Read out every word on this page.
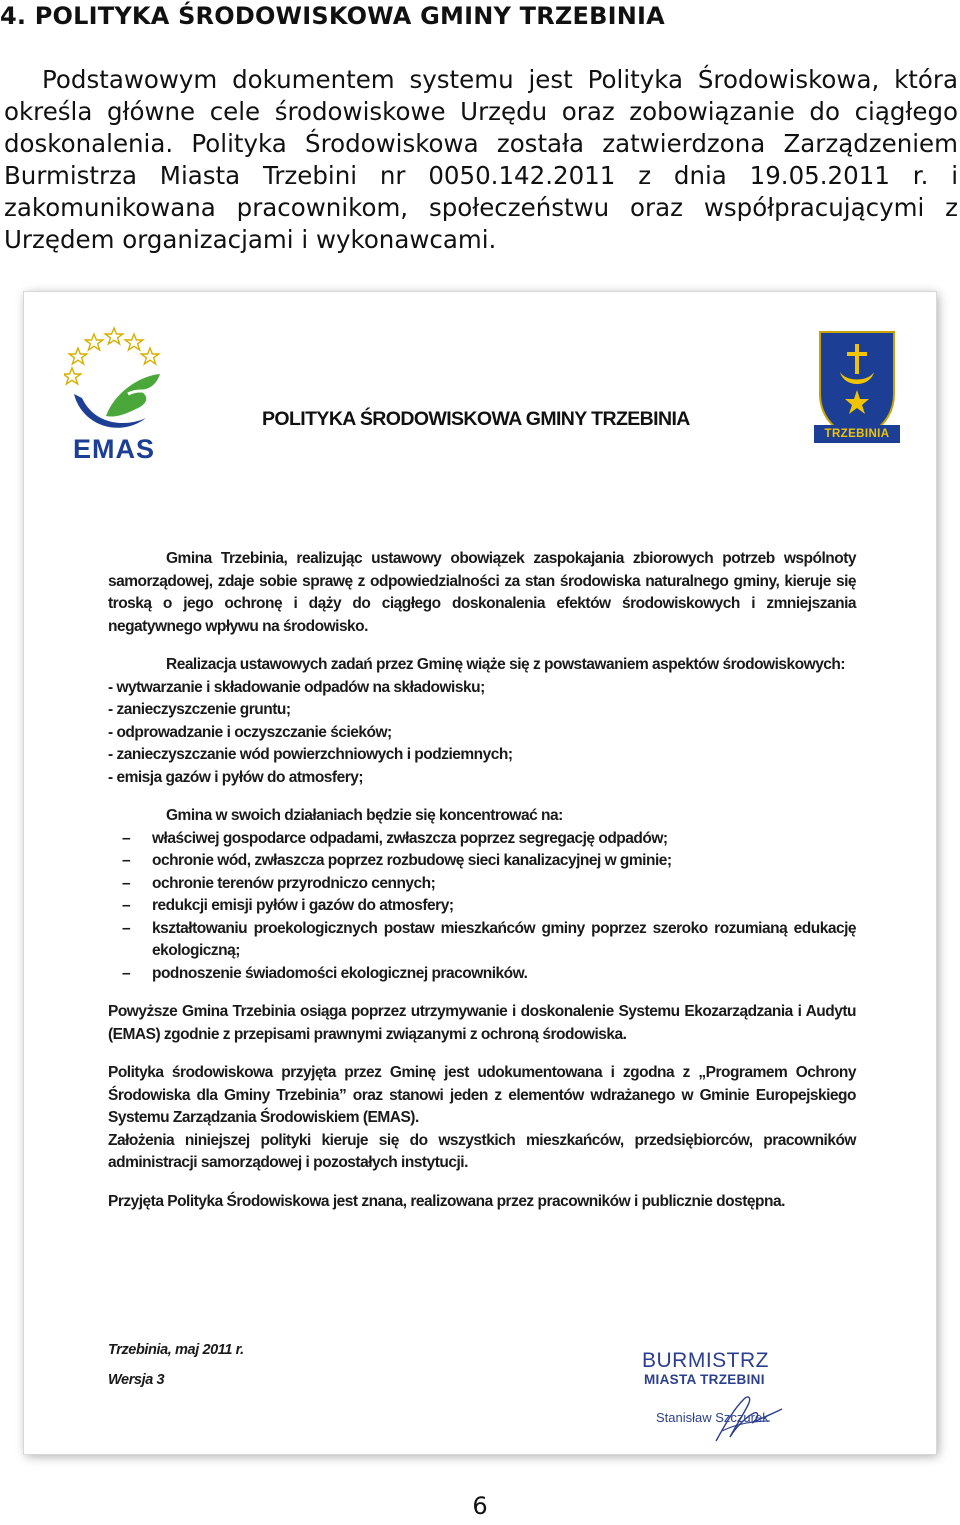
4. POLITYKA ŚRODOWISKOWA GMINY TRZEBINIA

Podstawowym dokumentem systemu jest Polityka Środowiskowa, która określa główne cele środowiskowe Urzędu oraz zobowiązanie do ciągłego doskonalenia. Polityka Środowiskowa została zatwierdzona Zarządzeniem Burmistrza Miasta Trzebini nr 0050.142.2011 z dnia 19.05.2011 r. i zakomunikowana pracownikom, społeczeństwu oraz współpracującymi z Urzędem organizacjami i wykonawcami.

EMAS	TRZEBINIA
POLITYKA ŚRODOWISKOWA GMINY TRZEBINIA

Gmina Trzebinia, realizując ustawowy obowiązek zaspokajania zbiorowych potrzeb wspólnoty samorządowej, zdaje sobie sprawę z odpowiedzialności za stan środowiska naturalnego gminy, kieruje się troską o jego ochronę i dąży do ciągłego doskonalenia efektów środowiskowych i zmniejszania negatywnego wpływu na środowisko.

Realizacja ustawowych zadań przez Gminę wiąże się z powstawaniem aspektów środowiskowych:

- wytwarzanie i składowanie odpadów na składowisku;
- zanieczyszczenie gruntu;
- odprowadzanie i oczyszczanie ścieków;
- zanieczyszczanie wód powierzchniowych i podziemnych;
- emisja gazów i pyłów do atmosfery;

Gmina w swoich działaniach będzie się koncentrować na:

– właściwej gospodarce odpadami, zwłaszcza poprzez segregację odpadów;
– ochronie wód, zwłaszcza poprzez rozbudowę sieci kanalizacyjnej w gminie;
– ochronie terenów przyrodniczo cennych;
– redukcji emisji pyłów i gazów do atmosfery;
– kształtowaniu proekologicznych postaw mieszkańców gminy poprzez szeroko rozumianą edukację ekologiczną;
– podnoszenie świadomości ekologicznej pracowników.

Powyższe Gmina Trzebinia osiąga poprzez utrzymywanie i doskonalenie Systemu Ekozarządzania i Audytu (EMAS) zgodnie z przepisami prawnymi związanymi z ochroną środowiska.

Polityka środowiskowa przyjęta przez Gminę jest udokumentowana i zgodna z „Programem Ochrony Środowiska dla Gminy Trzebinia” oraz stanowi jeden z elementów wdrażanego w Gminie Europejskiego Systemu Zarządzania Środowiskiem (EMAS).

Założenia niniejszej polityki kieruje się do wszystkich mieszkańców, przedsiębiorców, pracowników administracji samorządowej i pozostałych instytucji.

Przyjęta Polityka Środowiskowa jest znana, realizowana przez pracowników i publicznie dostępna.

Trzebinia, maj 2011 r.
Wersja 3
BURMISTRZ
MIASTA TRZEBINI
Stanisław Szczurek
6
